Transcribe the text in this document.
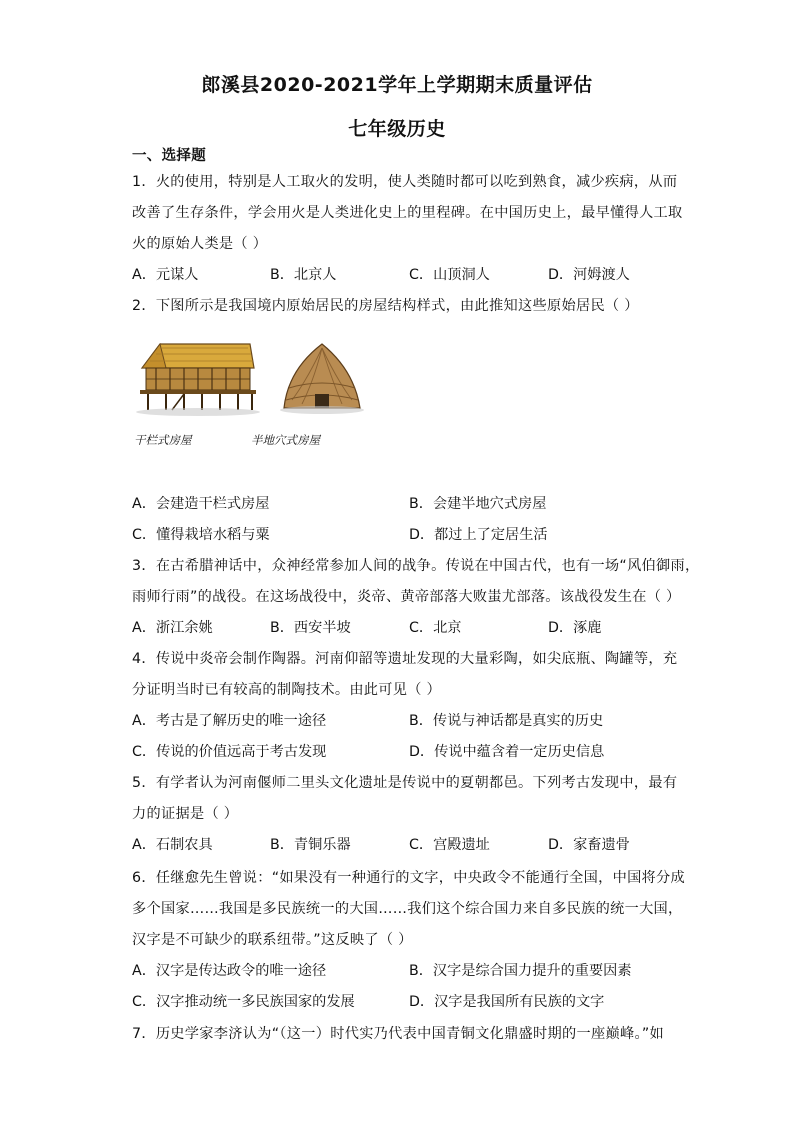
郎溪县2020-2021学年上学期期末质量评估
七年级历史
一、选择题
1．火的使用，特别是人工取火的发明，使人类随时都可以吃到熟食，减少疾病，从而
改善了生存条件，学会用火是人类进化史上的里程碑。在中国历史上，最早懂得人工取
火的原始人类是（ ）
A．元谋人	B．北京人	C．山顶洞人	D．河姆渡人
2．下图所示是我国境内原始居民的房屋结构样式，由此推知这些原始居民（ ）
干栏式房屋	半地穴式房屋
A．会建造干栏式房屋	B．会建半地穴式房屋
C．懂得栽培水稻与粟	D．都过上了定居生活
3．在古希腊神话中，众神经常参加人间的战争。传说在中国古代，也有一场“风伯御雨，
雨师行雨”的战役。在这场战役中，炎帝、黄帝部落大败蚩尤部落。该战役发生在（ ）
A．浙江余姚	B．西安半坡	C．北京	D．涿鹿
4．传说中炎帝会制作陶器。河南仰韶等遗址发现的大量彩陶，如尖底瓶、陶罐等，充
分证明当时已有较高的制陶技术。由此可见（ ）
A．考古是了解历史的唯一途径	B．传说与神话都是真实的历史
C．传说的价值远高于考古发现	D．传说中蕴含着一定历史信息
5．有学者认为河南偃师二里头文化遗址是传说中的夏朝都邑。下列考古发现中，最有
力的证据是（ ）
A．石制农具	B．青铜乐器	C．宫殿遗址	D．家畜遗骨
6．任继愈先生曾说：“如果没有一种通行的文字，中央政令不能通行全国，中国将分成
多个国家……我国是多民族统一的大国……我们这个综合国力来自多民族的统一大国，
汉字是不可缺少的联系纽带。”这反映了（ ）
A．汉字是传达政令的唯一途径	B．汉字是综合国力提升的重要因素
C．汉字推动统一多民族国家的发展	D．汉字是我国所有民族的文字
7．历史学家李济认为“（这一）时代实乃代表中国青铜文化鼎盛时期的一座巅峰。”如
